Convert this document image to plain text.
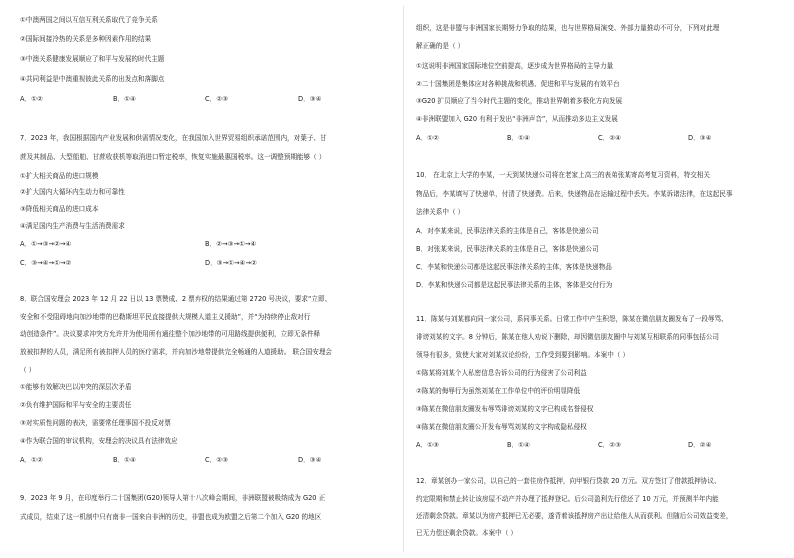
①中澳两国之间以互信互利关系取代了竞争关系
②国际间接冷热的关系是多种因素作用的结果
③中澳关系健康发展顺应了和平与发展的时代主题
④共同利益是中澳重视彼此关系的出发点和落脚点
A．①②	B．①④	C．②③	D．③④
7．2023 年，我国根据国内产业发展和供需情况变化，在我国加入世界贸易组织承诺范围内，对葉子、甘
蔗及其制品、大型船舶、甘蔗收获机等取消进口暂定税率，恢复实施最惠国税率。这一调整预期能够（ ）
①扩大相关商品的进口规模
②扩大国内大循环内生动力和可靠性
③降低相关商品的进口成本
④满足国内生产消费与生活消费需求
A．①→③→②→④	B．②→③→①→④
C．③→④→①→②	D．③→①→④→②
8．联合国安理会 2023 年 12 月 22 日以 13 票赞成、2 票弃权的结果通过第 2720 号决议，要求“立即、
安全和不受阻碍地向加沙地带的巴勒斯坦平民直接提供大规模人道主义援助”，并“为持续停止敌对行
动创造条件”。决议要求冲突方允许并为使用所有通往整个加沙地带的可用路线提供便利，立即无条件释
放被扣押的人员，满足所有被扣押人员的医疗需求，并向加沙地带提供完全畅通的人道援助。 联合国安理会
（ ）
①能够有效解决巴以冲突的深层次矛盾
②负有维护国际和平与安全的主要责任
③对实质性问题的表决，需要常任理事国不投反对票
④作为联合国的审议机构，安理会的决议具有法律效应
A．①②	B．①④	C．②③	D．③④
9．2023 年 9 月，在印度举行二十国集团(G20)领导人第十八次峰会期间，非洲联盟被吸纳成为 G20 正
式成员，结束了这一机制中只有南非一国来自非洲的历史，非盟也成为欧盟之后第二个加入 G20 的地区
组织，这是非盟与非洲国家长期努力争取的结果，也与世界格局演变、外部力量推动不可分，下列对此理
解正确的是（ ）
①这说明非洲国家国际地位空前提高，逐步成为世界格局的主导力量
②二十国集团是集体应对各种挑战和机遇、促进和平与发展的有效平台
③G20 扩员顺应了当今时代主题的变化，推动世界朝着多极化方向发展
④非洲联盟加入 G20 有利于发出“非洲声音”，从而推动多边主义发展
A．①②	B．①④	C．②④	D．③④
10． 在北京上大学的李某，一天到某快递公司将在老家上高三的表弟张某寄高考复习资料，特交相关
物品后，李某填写了快递单，付清了快递费。后来，快递物品在运输过程中丢失。李某诉诸法律，在这起民事
法律关系中（ ）
A．对李某来说，民事法律关系的主体是自己，客体是快递公司
B．对张某来说，民事法律关系的主体是自己，客体是快递公司
C．李某和快递公司都是这起民事法律关系的主体，客体是快递物品
D．李某和快递公司都是这起民事法律关系的主体，客体是交付行为
11．陈某与刘某都向同一家公司，系同事关系。日常工作中产生积怨，陈某在微信朋友圈发布了一段辱骂、
诽谤刘某的文字。8 分钟后，陈某在他人劝说下删除，却因微信朋友圈中与刘某互相联系的同事包括公司
领导有很多，致使大家对刘某议论纷纷，工作受到要到影响。本案中（ ）
①陈某将刘某个人私密信息告诉公司的行为侵害了公司利益
②陈某的侮辱行为虽然刘某在工作单位中的评价明显降低
③陈某在微信朋友圈发布辱骂诽谤刘某的文字已构成名誉侵权
④陈某在微信朋友圈公开发布辱骂刘某的文字构成隐私侵权
A．①③	B．①④	C．②③	D．②④
12．章某创办一家公司，以自己的一套住房作抵押，向甲银行贷款 20 万元。双方签订了借款抵押协议、
约定限期和禁止转让该房屋不动产并办理了抵押登记。后公司盈利先行偿还了 10 万元，并预测半年内能
还清剩余贷款。章某以为房产抵押已无必要，遂背着该抵押房产出让给他人从而获利。但随后公司效益变差，
已无力偿还剩余贷款。本案中（ ）
